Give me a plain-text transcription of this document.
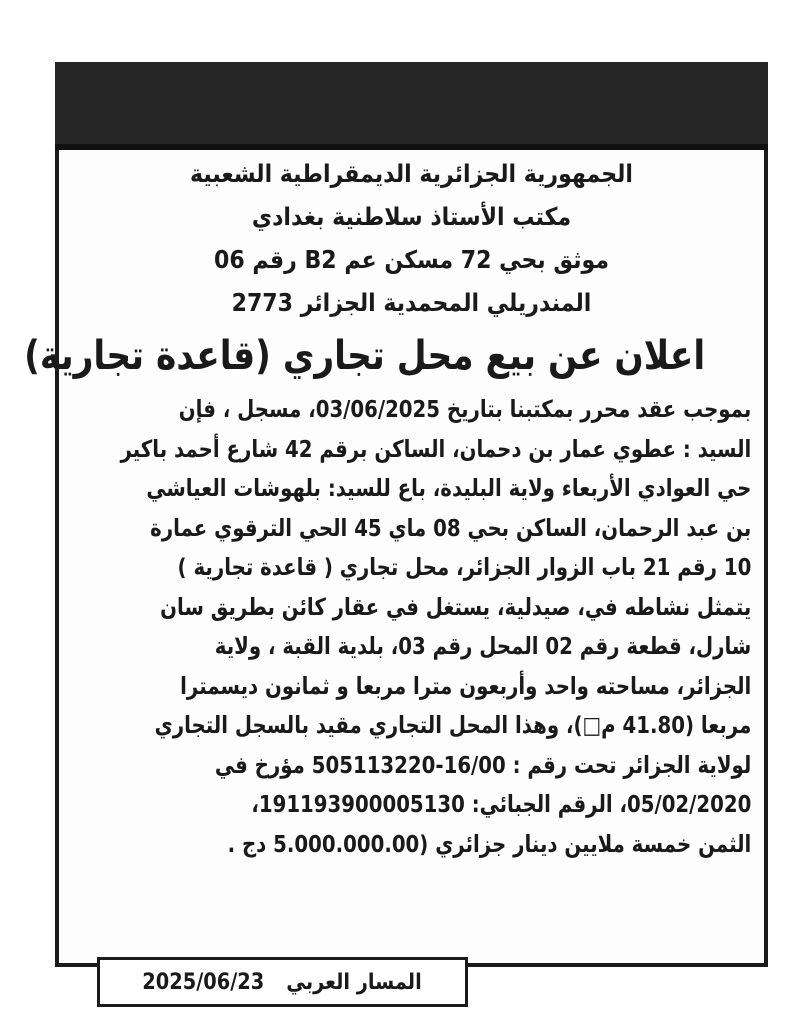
الجمهورية الجزائرية الديمقراطية الشعبية

مكتب الأستاذ سلاطنية بغدادي

موثق بحي 72 مسكن عم B2 رقم 06

المندريلي المحمدية الجزائر 2773

اعلان عن بيع محل تجاري (قاعدة تجارية)
بموجب عقد محرر بمكتبنا بتاريخ 03/06/2025، مسجل ، فإن
السيد : عطوي عمار بن دحمان، الساكن برقم 42 شارع أحمد باكير
حي العوادي الأربعاء ولاية البليدة، باع للسيد: بلهوشات العياشي
بن عبد الرحمان، الساكن بحي 08 ماي 45 الحي الترقوي عمارة
10 رقم 21 باب الزوار الجزائر، محل تجاري ( قاعدة تجارية )
يتمثل نشاطه في، صيدلية، يستغل في عقار كائن بطريق سان
شارل، قطعة رقم 02 المحل رقم 03، بلدية القبة ، ولاية
الجزائر، مساحته واحد وأربعون مترا مربعا و ثمانون ديسمترا
مربعا (41.80 م□)، وهذا المحل التجاري مقيد بالسجل التجاري
لولاية الجزائر تحت رقم : 16/00-505113220 مؤرخ في
05/02/2020، الرقم الجبائي: 191193900005130،
الثمن خمسة ملايين دينار جزائري (5.000.000.00 دج .
المسار العربي
2025/06/23
